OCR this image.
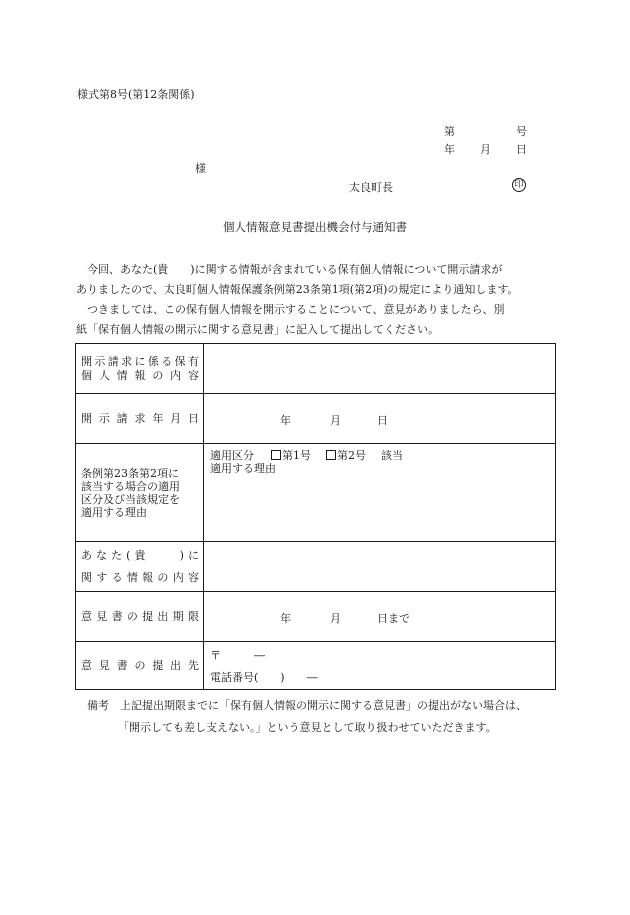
様式第8号(第12条関係)
第	号
年 月 日
様
太良町長	印
個人情報意見書提出機会付与通知書

今回、あなた(貴　　)に関する情報が含まれている保有個人情報について開示請求が

ありましたので、太良町個人情報保護条例第23条第1項(第2項)の規定により通知します。

つきましては、この保有個人情報を開示することについて、意見がありましたら、別

紙「保有個人情報の開示に関する意見書」に記入して提出してください。

開示請求に係る保有
個人情報の内容	

開示請求年月日	年 月 日

条例第23条第2項に該当する場合の適用区分及び当該規定を適用する理由	適用区分 第1号 第2号 該当
適用する理由

あなた(貴　　)に
関する情報の内容	

意見書の提出期限	年 月 日まで

意見書の提出先	〒　　　―
電話番号(　　)　　―
備考　上記提出期限までに「保有個人情報の開示に関する意見書」の提出がない場合は、
「開示しても差し支えない。」という意見として取り扱わせていただきます。
